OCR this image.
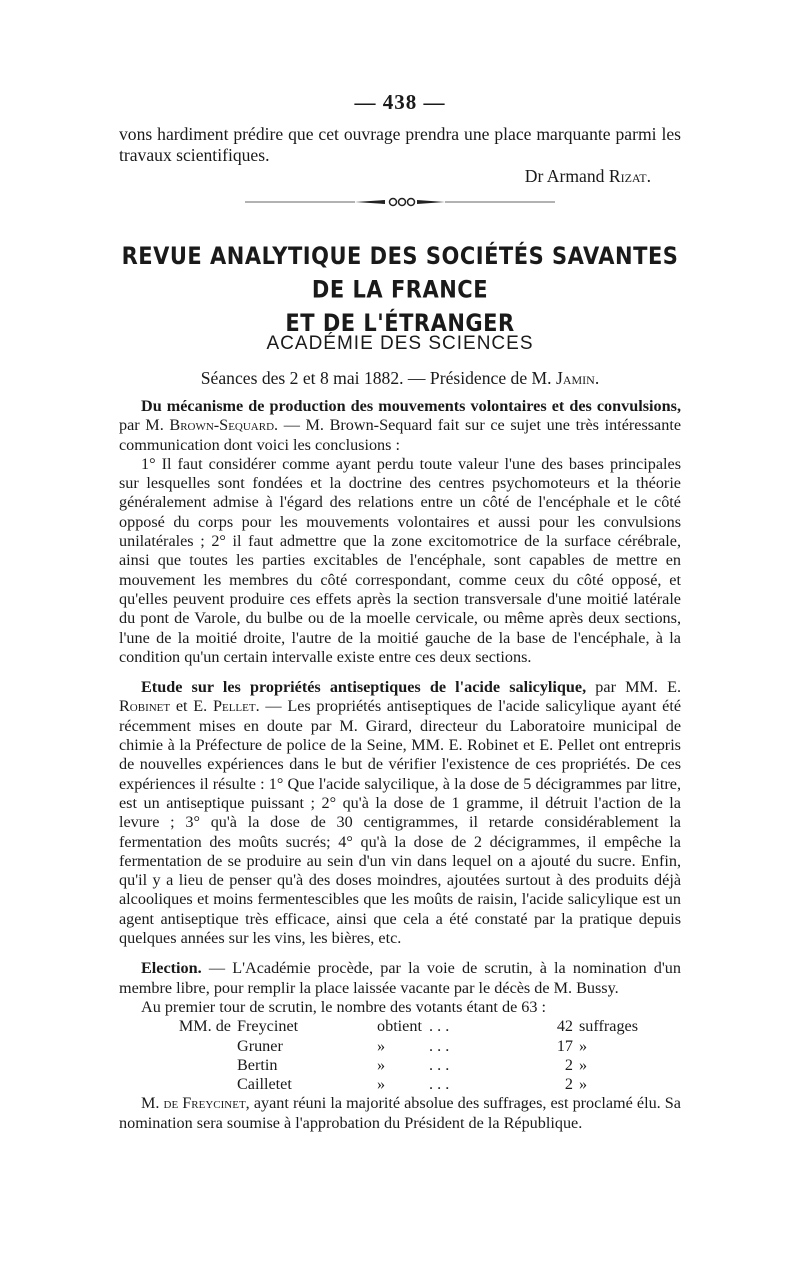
— 438 —
vons hardiment prédire que cet ouvrage prendra une place marquante parmi les travaux scientifiques.
Dr Armand Rizat.
REVUE ANALYTIQUE DES SOCIÉTÉS SAVANTES DE LA FRANCE
ET DE L'ÉTRANGER
ACADÉMIE DES SCIENCES
Séances des 2 et 8 mai 1882. — Présidence de M. Jamin.

Du mécanisme de production des mouvements volontaires et des convulsions, par M. Brown-Sequard. — M. Brown-Sequard fait sur ce sujet une très intéressante communication dont voici les conclusions :

1° Il faut considérer comme ayant perdu toute valeur l'une des bases principales sur lesquelles sont fondées et la doctrine des centres psychomoteurs et la théorie généralement admise à l'égard des relations entre un côté de l'encéphale et le côté opposé du corps pour les mouvements volontaires et aussi pour les convulsions unilatérales ; 2° il faut admettre que la zone excitomotrice de la surface cérébrale, ainsi que toutes les parties excitables de l'encéphale, sont capables de mettre en mouvement les membres du côté correspondant, comme ceux du côté opposé, et qu'elles peuvent produire ces effets après la section transversale d'une moitié latérale du pont de Varole, du bulbe ou de la moelle cervicale, ou même après deux sections, l'une de la moitié droite, l'autre de la moitié gauche de la base de l'encéphale, à la condition qu'un certain intervalle existe entre ces deux sections.

Etude sur les propriétés antiseptiques de l'acide salicylique, par MM. E. Robinet et E. Pellet. — Les propriétés antiseptiques de l'acide salicylique ayant été récemment mises en doute par M. Girard, directeur du Laboratoire municipal de chimie à la Préfecture de police de la Seine, MM. E. Robinet et E. Pellet ont entrepris de nouvelles expériences dans le but de vérifier l'existence de ces propriétés. De ces expériences il résulte : 1° Que l'acide salycilique, à la dose de 5 décigrammes par litre, est un antiseptique puissant ; 2° qu'à la dose de 1 gramme, il détruit l'action de la levure ; 3° qu'à la dose de 30 centigrammes, il retarde considérablement la fermentation des moûts sucrés; 4° qu'à la dose de 2 décigrammes, il empêche la fermentation de se produire au sein d'un vin dans lequel on a ajouté du sucre. Enfin, qu'il y a lieu de penser qu'à des doses moindres, ajoutées surtout à des produits déjà alcooliques et moins fermentescibles que les moûts de raisin, l'acide salicylique est un agent antiseptique très efficace, ainsi que cela a été constaté par la pratique depuis quelques années sur les vins, les bières, etc.

Election. — L'Académie procède, par la voie de scrutin, à la nomination d'un membre libre, pour remplir la place laissée vacante par le décès de M. Bussy.

Au premier tour de scrutin, le nombre des votants étant de 63 :

MM. de Freycinet	obtient . . .	42 suffrages
Gruner	»	. . .	17 »
Bertin	»	. . .	2 »
Cailletet	»	. . .	2 »

M. de Freycinet, ayant réuni la majorité absolue des suffrages, est proclamé élu. Sa nomination sera soumise à l'approbation du Président de la République.
